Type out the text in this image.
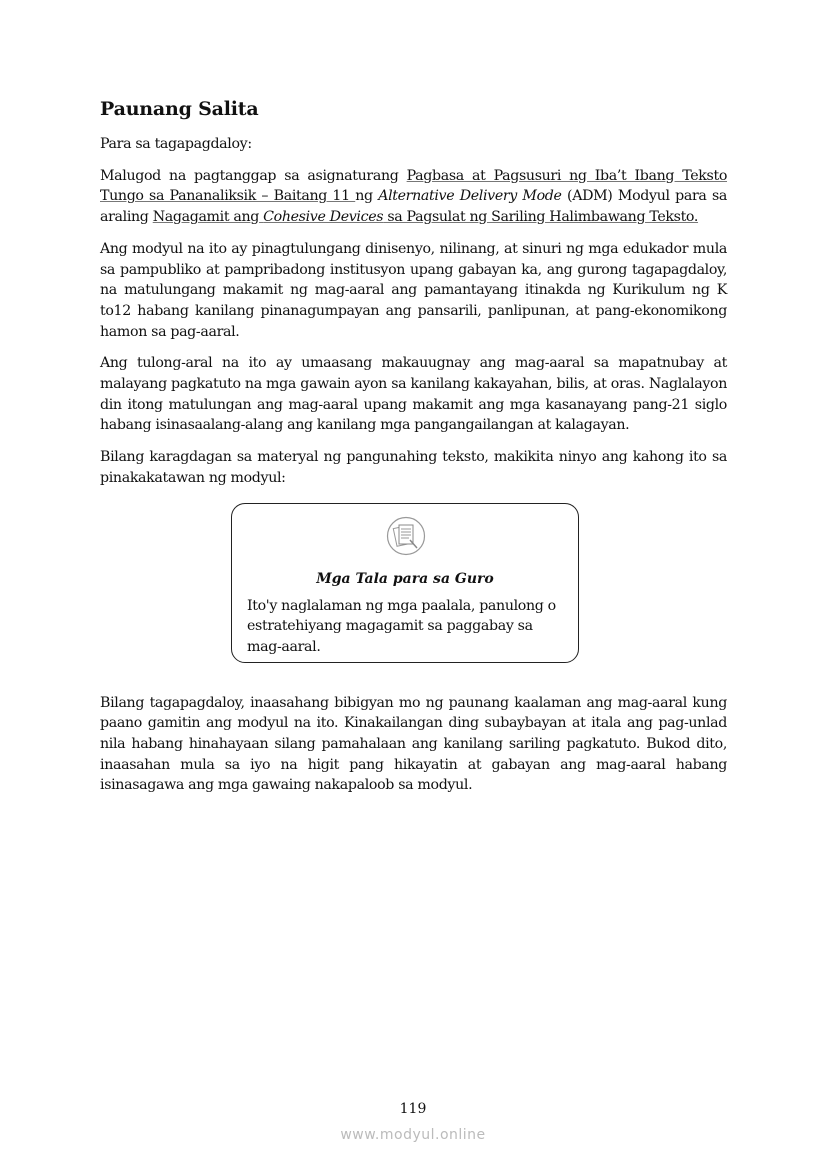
Paunang Salita

Para sa tagapagdaloy:

Malugod na pagtanggap sa asignaturang Pagbasa at Pagsusuri ng Iba’t Ibang Teksto Tungo sa Pananaliksik – Baitang 11 ng Alternative Delivery Mode (ADM) Modyul para sa araling Nagagamit ang Cohesive Devices sa Pagsulat ng Sariling Halimbawang Teksto.

Ang modyul na ito ay pinagtulungang dinisenyo, nilinang, at sinuri ng mga edukador mula sa pampubliko at pampribadong institusyon upang gabayan ka, ang gurong tagapagdaloy, na matulungang makamit ng mag-aaral ang pamantayang itinakda ng Kurikulum ng K to12 habang kanilang pinanagumpayan ang pansarili, panlipunan, at pang-ekonomikong hamon sa pag-aaral.

Ang tulong-aral na ito ay umaasang makauugnay ang mag-aaral sa mapatnubay at malayang pagkatuto na mga gawain ayon sa kanilang kakayahan, bilis, at oras. Naglalayon din itong matulungan ang mag-aaral upang makamit ang mga kasanayang pang-21 siglo habang isinasaalang-alang ang kanilang mga pangangailangan at kalagayan.

Bilang karagdagan sa materyal ng pangunahing teksto, makikita ninyo ang kahong ito sa pinakakatawan ng modyul:

Mga Tala para sa Guro
Ito'y naglalaman ng mga paalala, panulong o estratehiyang magagamit sa paggabay sa mag-aaral.

Bilang tagapagdaloy, inaasahang bibigyan mo ng paunang kaalaman ang mag-aaral kung paano gamitin ang modyul na ito. Kinakailangan ding subaybayan at itala ang pag-unlad nila habang hinahayaan silang pamahalaan ang kanilang sariling pagkatuto. Bukod dito, inaasahan mula sa iyo na higit pang hikayatin at gabayan ang mag-aaral habang isinasagawa ang mga gawaing nakapaloob sa modyul.

119
www.modyul.online
